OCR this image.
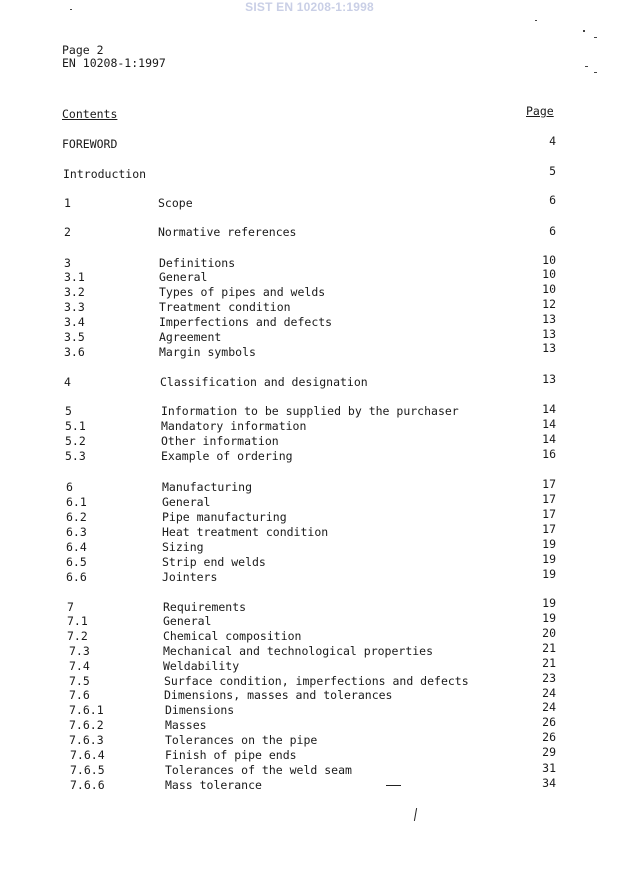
SIST EN 10208-1:1998
Page 2
EN 10208-1:1997
Contents	Page
FOREWORD	4
Introduction	5
1	Scope	6
2	Normative references	6
3	Definitions	10
3.1	General	10
3.2	Types of pipes and welds	10
3.3	Treatment condition	12
3.4	Imperfections and defects	13
3.5	Agreement	13
3.6	Margin symbols	13
4	Classification and designation	13
5	Information to be supplied by the purchaser	14
5.1	Mandatory information	14
5.2	Other information	14
5.3	Example of ordering	16
6	Manufacturing	17
6.1	General	17
6.2	Pipe manufacturing	17
6.3	Heat treatment condition	17
6.4	Sizing	19
6.5	Strip end welds	19
6.6	Jointers	19
7	Requirements	19
7.1	General	19
7.2	Chemical composition	20
7.3	Mechanical and technological properties	21
7.4	Weldability	21
7.5	Surface condition, imperfections and defects	23
7.6	Dimensions, masses and tolerances	24
7.6.1	Dimensions	24
7.6.2	Masses	26
7.6.3	Tolerances on the pipe	26
7.6.4	Finish of pipe ends	29
7.6.5	Tolerances of the weld seam	31
7.6.6	Mass tolerance	34
